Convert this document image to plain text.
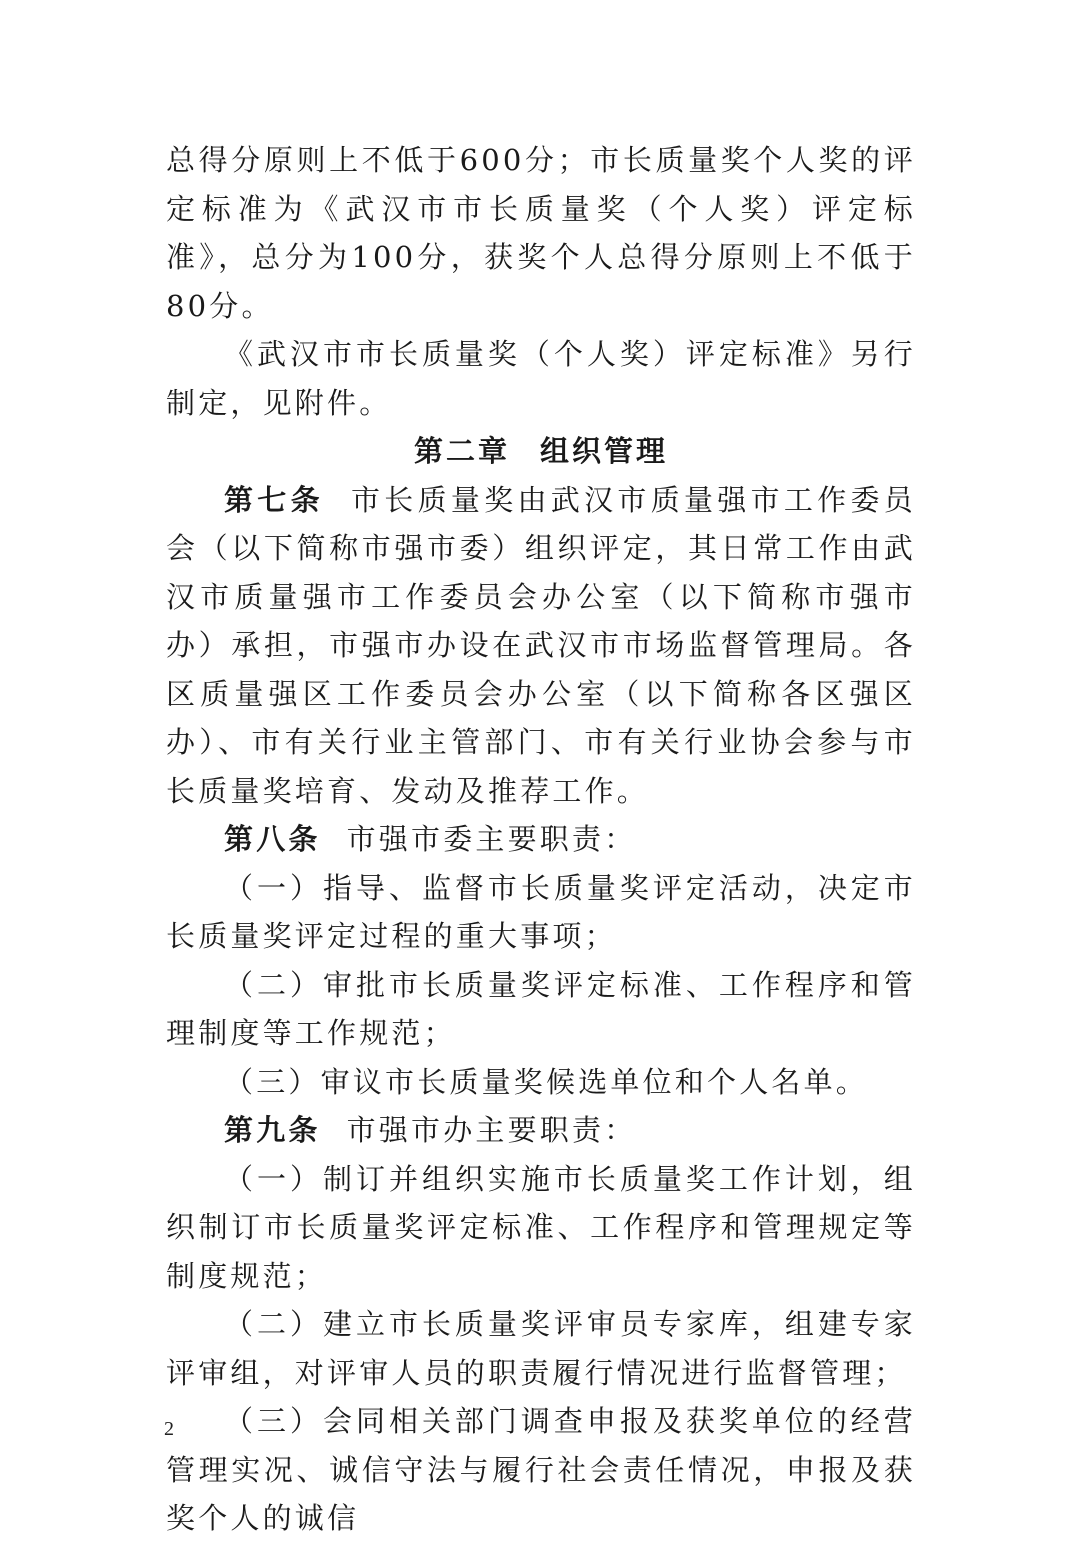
总得分原则上不低于600分；市长质量奖个人奖的评定标准为《武汉市市长质量奖（个人奖）评定标准》，总分为100分，获奖个人总得分原则上不低于80分。

《武汉市市长质量奖（个人奖）评定标准》另行制定，见附件。

第二章 组织管理

第七条 市长质量奖由武汉市质量强市工作委员会（以下简称市强市委）组织评定，其日常工作由武汉市质量强市工作委员会办公室（以下简称市强市办）承担，市强市办设在武汉市市场监督管理局。各区质量强区工作委员会办公室（以下简称各区强区办）、市有关行业主管部门、市有关行业协会参与市长质量奖培育、发动及推荐工作。

第八条 市强市委主要职责：

（一）指导、监督市长质量奖评定活动，决定市长质量奖评定过程的重大事项；

（二）审批市长质量奖评定标准、工作程序和管理制度等工作规范；

（三）审议市长质量奖候选单位和个人名单。

第九条 市强市办主要职责：

（一）制订并组织实施市长质量奖工作计划，组织制订市长质量奖评定标准、工作程序和管理规定等制度规范；

（二）建立市长质量奖评审员专家库，组建专家评审组，对评审人员的职责履行情况进行监督管理；

（三）会同相关部门调查申报及获奖单位的经营管理实况、诚信守法与履行社会责任情况，申报及获奖个人的诚信

2
